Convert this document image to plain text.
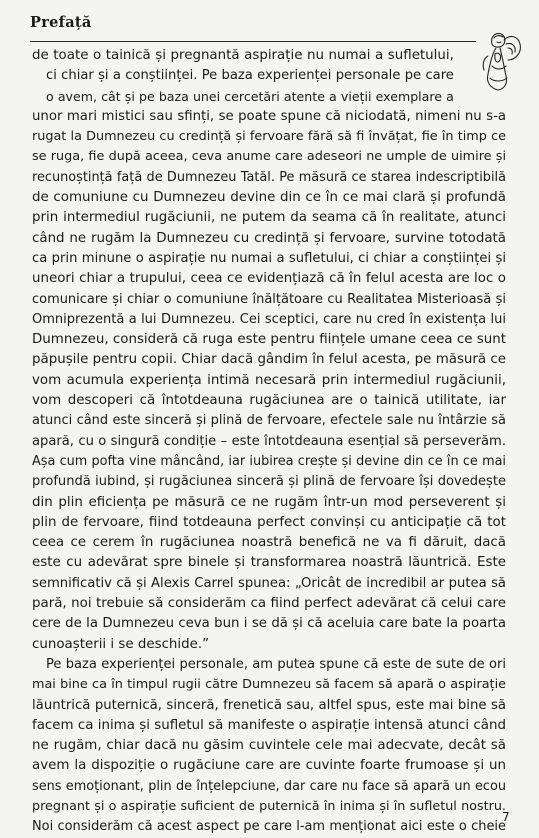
Prefață
de toate o tainică și pregnantă aspirație nu numai a sufletului,
ci chiar și a conștiinței. Pe baza experienței personale pe care
o avem, cât și pe baza unei cercetări atente a vieții exemplare a
unor mari mistici sau sfinți, se poate spune că niciodată, nimeni nu s-a
rugat la Dumnezeu cu credință și fervoare fără să fi învățat, fie în timp ce
se ruga, fie după aceea, ceva anume care adeseori ne umple de uimire și
recunoștință față de Dumnezeu Tatăl. Pe măsură ce starea indescriptibilă
de comuniune cu Dumnezeu devine din ce în ce mai clară și profundă
prin intermediul rugăciunii, ne putem da seama că în realitate, atunci
când ne rugăm la Dumnezeu cu credință și fervoare, survine totodată
ca prin minune o aspirație nu numai a sufletului, ci chiar a conștiinței și
uneori chiar a trupului, ceea ce evidențiază că în felul acesta are loc o
comunicare și chiar o comuniune înălțătoare cu Realitatea Misterioasă și
Omniprezentă a lui Dumnezeu. Cei sceptici, care nu cred în existența lui
Dumnezeu, consideră că ruga este pentru ființele umane ceea ce sunt
păpușile pentru copii. Chiar dacă gândim în felul acesta, pe măsură ce
vom acumula experiența intimă necesară prin intermediul rugăciunii,
vom descoperi că întotdeauna rugăciunea are o tainică utilitate, iar
atunci când este sinceră și plină de fervoare, efectele sale nu întârzie să
apară, cu o singură condiție – este întotdeauna esențial să perseverăm.
Așa cum pofta vine mâncând, iar iubirea crește și devine din ce în ce mai
profundă iubind, și rugăciunea sinceră și plină de fervoare își dovedește
din plin eficiența pe măsură ce ne rugăm într-un mod perseverent și
plin de fervoare, fiind totdeauna perfect convinși cu anticipație că tot
ceea ce cerem în rugăciunea noastră benefică ne va fi dăruit, dacă
este cu adevărat spre binele și transformarea noastră lăuntrică. Este
semnificativ că și Alexis Carrel spunea: „Oricât de incredibil ar putea să
pară, noi trebuie să considerăm ca fiind perfect adevărat că celui care
cere de la Dumnezeu ceva bun i se dă și că aceluia care bate la poarta
cunoașterii i se deschide.”
Pe baza experienței personale, am putea spune că este de sute de ori
mai bine ca în timpul rugii către Dumnezeu să facem să apară o aspirație
lăuntrică puternică, sinceră, frenetică sau, altfel spus, este mai bine să
facem ca inima și sufletul să manifeste o aspirație intensă atunci când
ne rugăm, chiar dacă nu găsim cuvintele cele mai adecvate, decât să
avem la dispoziție o rugăciune care are cuvinte foarte frumoase și un
sens emoționant, plin de înțelepciune, dar care nu face să apară un ecou
pregnant și o aspirație suficient de puternică în inima și în sufletul nostru.
Noi considerăm că acest aspect pe care l-am menționat aici este o cheie
7
